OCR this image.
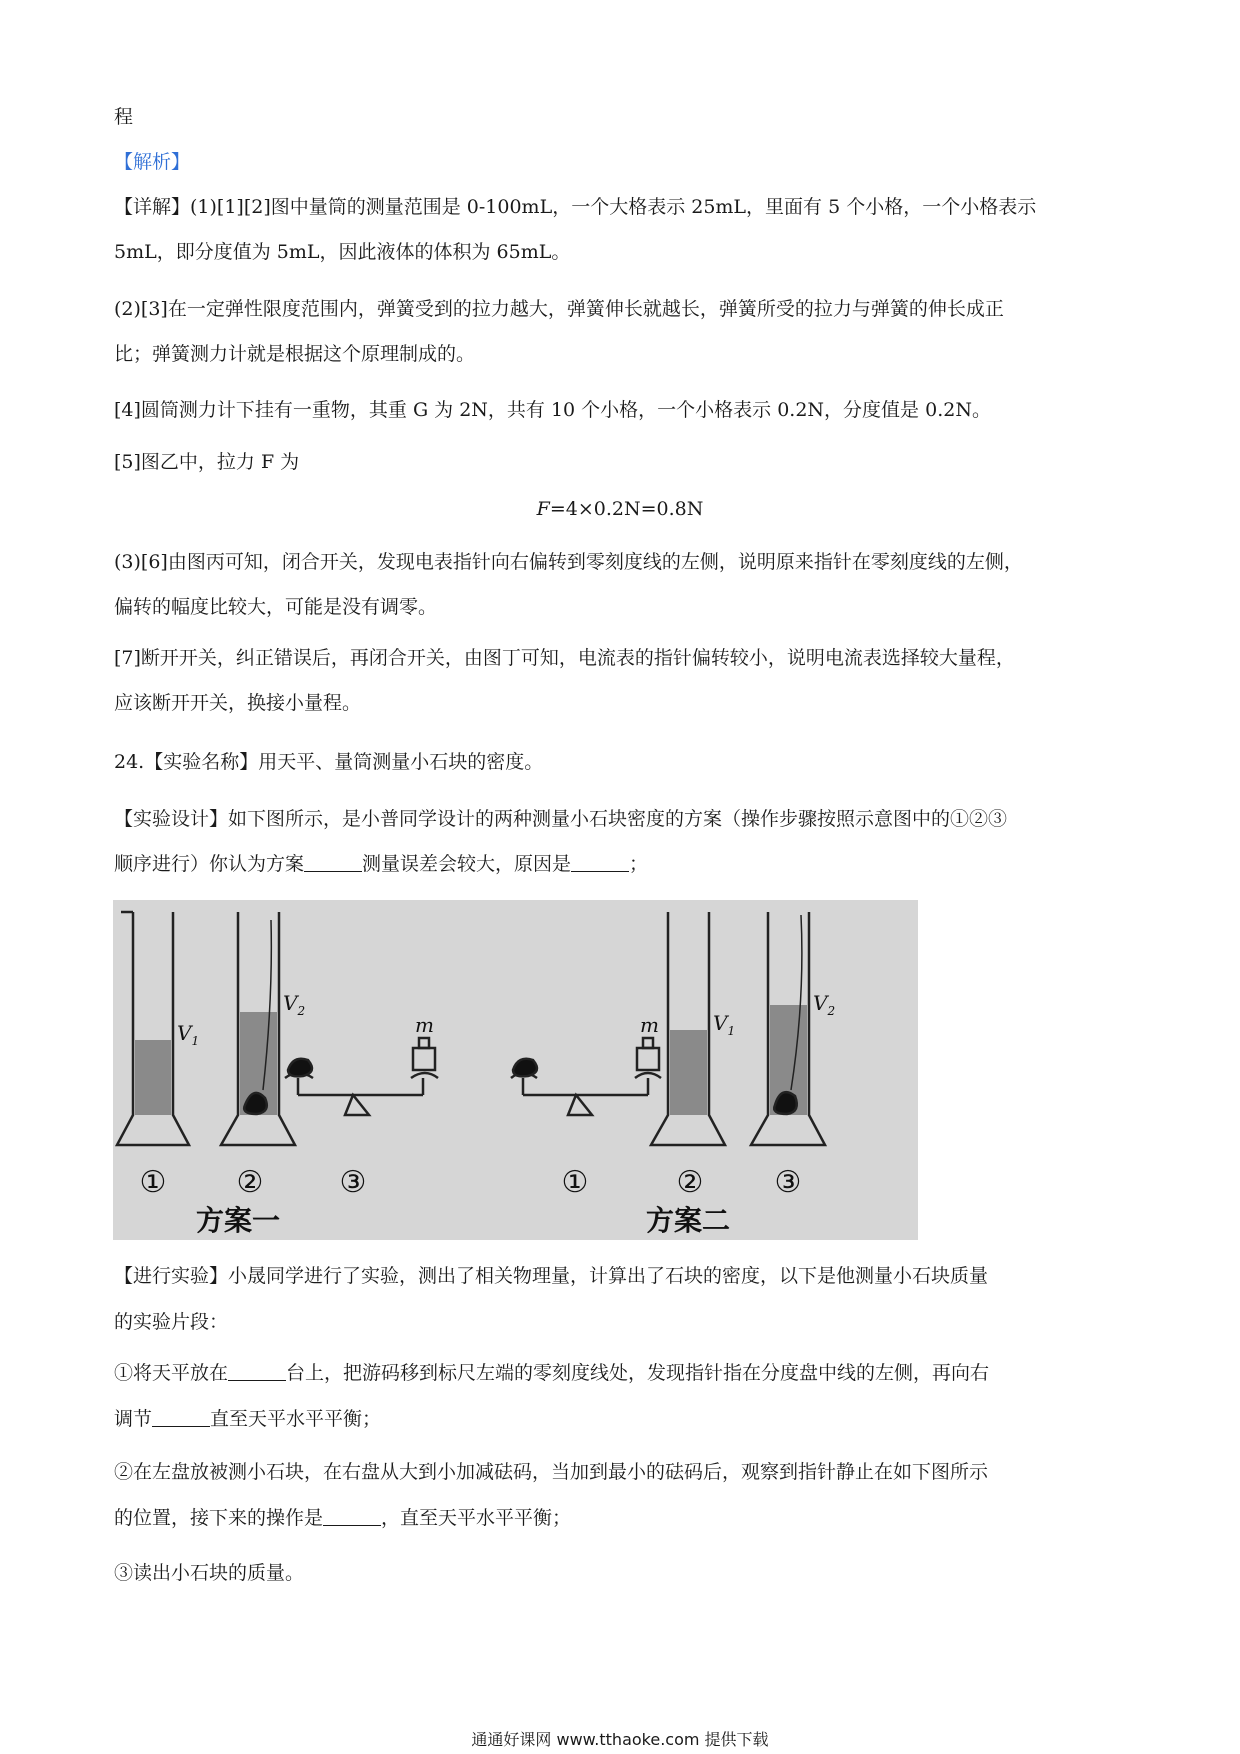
程
【解析】
【详解】(1)[1][2]图中量筒的测量范围是 0-100mL，一个大格表示 25mL，里面有 5 个小格，一个小格表示
5mL，即分度值为 5mL，因此液体的体积为 65mL。
(2)[3]在一定弹性限度范围内，弹簧受到的拉力越大，弹簧伸长就越长，弹簧所受的拉力与弹簧的伸长成正
比；弹簧测力计就是根据这个原理制成的。
[4]圆筒测力计下挂有一重物，其重 G 为 2N，共有 10 个小格，一个小格表示 0.2N，分度值是 0.2N。
[5]图乙中，拉力 F 为
F=4×0.2N=0.8N
(3)[6]由图丙可知，闭合开关，发现电表指针向右偏转到零刻度线的左侧，说明原来指针在零刻度线的左侧，
偏转的幅度比较大，可能是没有调零。
[7]断开开关，纠正错误后，再闭合开关，由图丁可知，电流表的指针偏转较小，说明电流表选择较大量程，
应该断开开关，换接小量程。
24.【实验名称】用天平、量筒测量小石块的密度。
【实验设计】如下图所示，是小普同学设计的两种测量小石块密度的方案（操作步骤按照示意图中的①②③
顺序进行）你认为方案	测量误差会较大，原因是	；
$V_1$
$V_2$
m	m	$V_1$
$V_2$
① ②	③	①	② ③
方案一	方案二
【进行实验】小晟同学进行了实验，测出了相关物理量，计算出了石块的密度，以下是他测量小石块质量
的实验片段：
①将天平放在	台上，把游码移到标尺左端的零刻度线处，发现指针指在分度盘中线的左侧，再向右
调节	直至天平水平平衡；
②在左盘放被测小石块，在右盘从大到小加减砝码，当加到最小的砝码后，观察到指针静止在如下图所示
的位置，接下来的操作是	，直至天平水平平衡；
③读出小石块的质量。
通通好课网 www.tthaoke.com 提供下载
